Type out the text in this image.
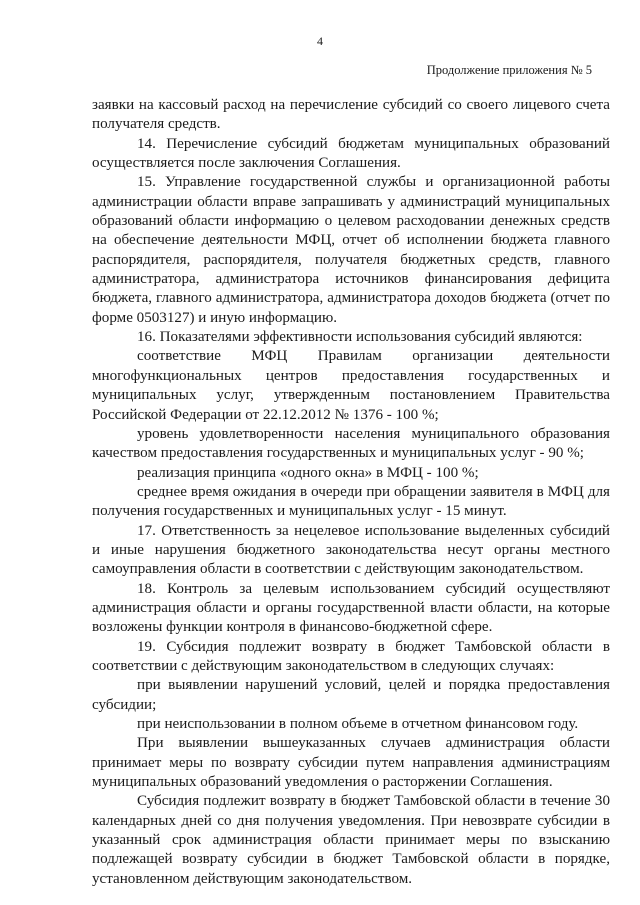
4
Продолжение приложения № 5

заявки на кассовый расход на перечисление субсидий со своего лицевого счета получателя средств.

14. Перечисление субсидий бюджетам муниципальных образований осуществляется после заключения Соглашения.

15. Управление государственной службы и организационной работы администрации области вправе запрашивать у администраций муниципальных образований области информацию о целевом расходовании денежных средств на обеспечение деятельности МФЦ, отчет об исполнении бюджета главного распорядителя, распорядителя, получателя бюджетных средств, главного администратора, администратора источников финансирования дефицита бюджета, главного администратора, администратора доходов бюджета (отчет по форме 0503127) и иную информацию.

16. Показателями эффективности использования субсидий являются:

соответствие МФЦ Правилам организации деятельности многофункциональных центров предоставления государственных и муниципальных услуг, утвержденным постановлением Правительства Российской Федерации от 22.12.2012 № 1376 - 100 %;

уровень удовлетворенности населения муниципального образования качеством предоставления государственных и муниципальных услуг - 90 %;

реализация принципа «одного окна» в МФЦ - 100 %;

среднее время ожидания в очереди при обращении заявителя в МФЦ для получения государственных и муниципальных услуг - 15 минут.

17. Ответственность за нецелевое использование выделенных субсидий и иные нарушения бюджетного законодательства несут органы местного самоуправления области в соответствии с действующим законодательством.

18. Контроль за целевым использованием субсидий осуществляют администрация области и органы государственной власти области, на которые возложены функции контроля в финансово-бюджетной сфере.

19. Субсидия подлежит возврату в бюджет Тамбовской области в соответствии с действующим законодательством в следующих случаях:

при выявлении нарушений условий, целей и порядка предоставления субсидии;

при неиспользовании в полном объеме в отчетном финансовом году.

При выявлении вышеуказанных случаев администрация области принимает меры по возврату субсидии путем направления администрациям муниципальных образований уведомления о расторжении Соглашения.

Субсидия подлежит возврату в бюджет Тамбовской области в течение 30 календарных дней со дня получения уведомления. При невозврате субсидии в указанный срок администрация области принимает меры по взысканию подлежащей возврату субсидии в бюджет Тамбовской области в порядке, установленном действующим законодательством.
